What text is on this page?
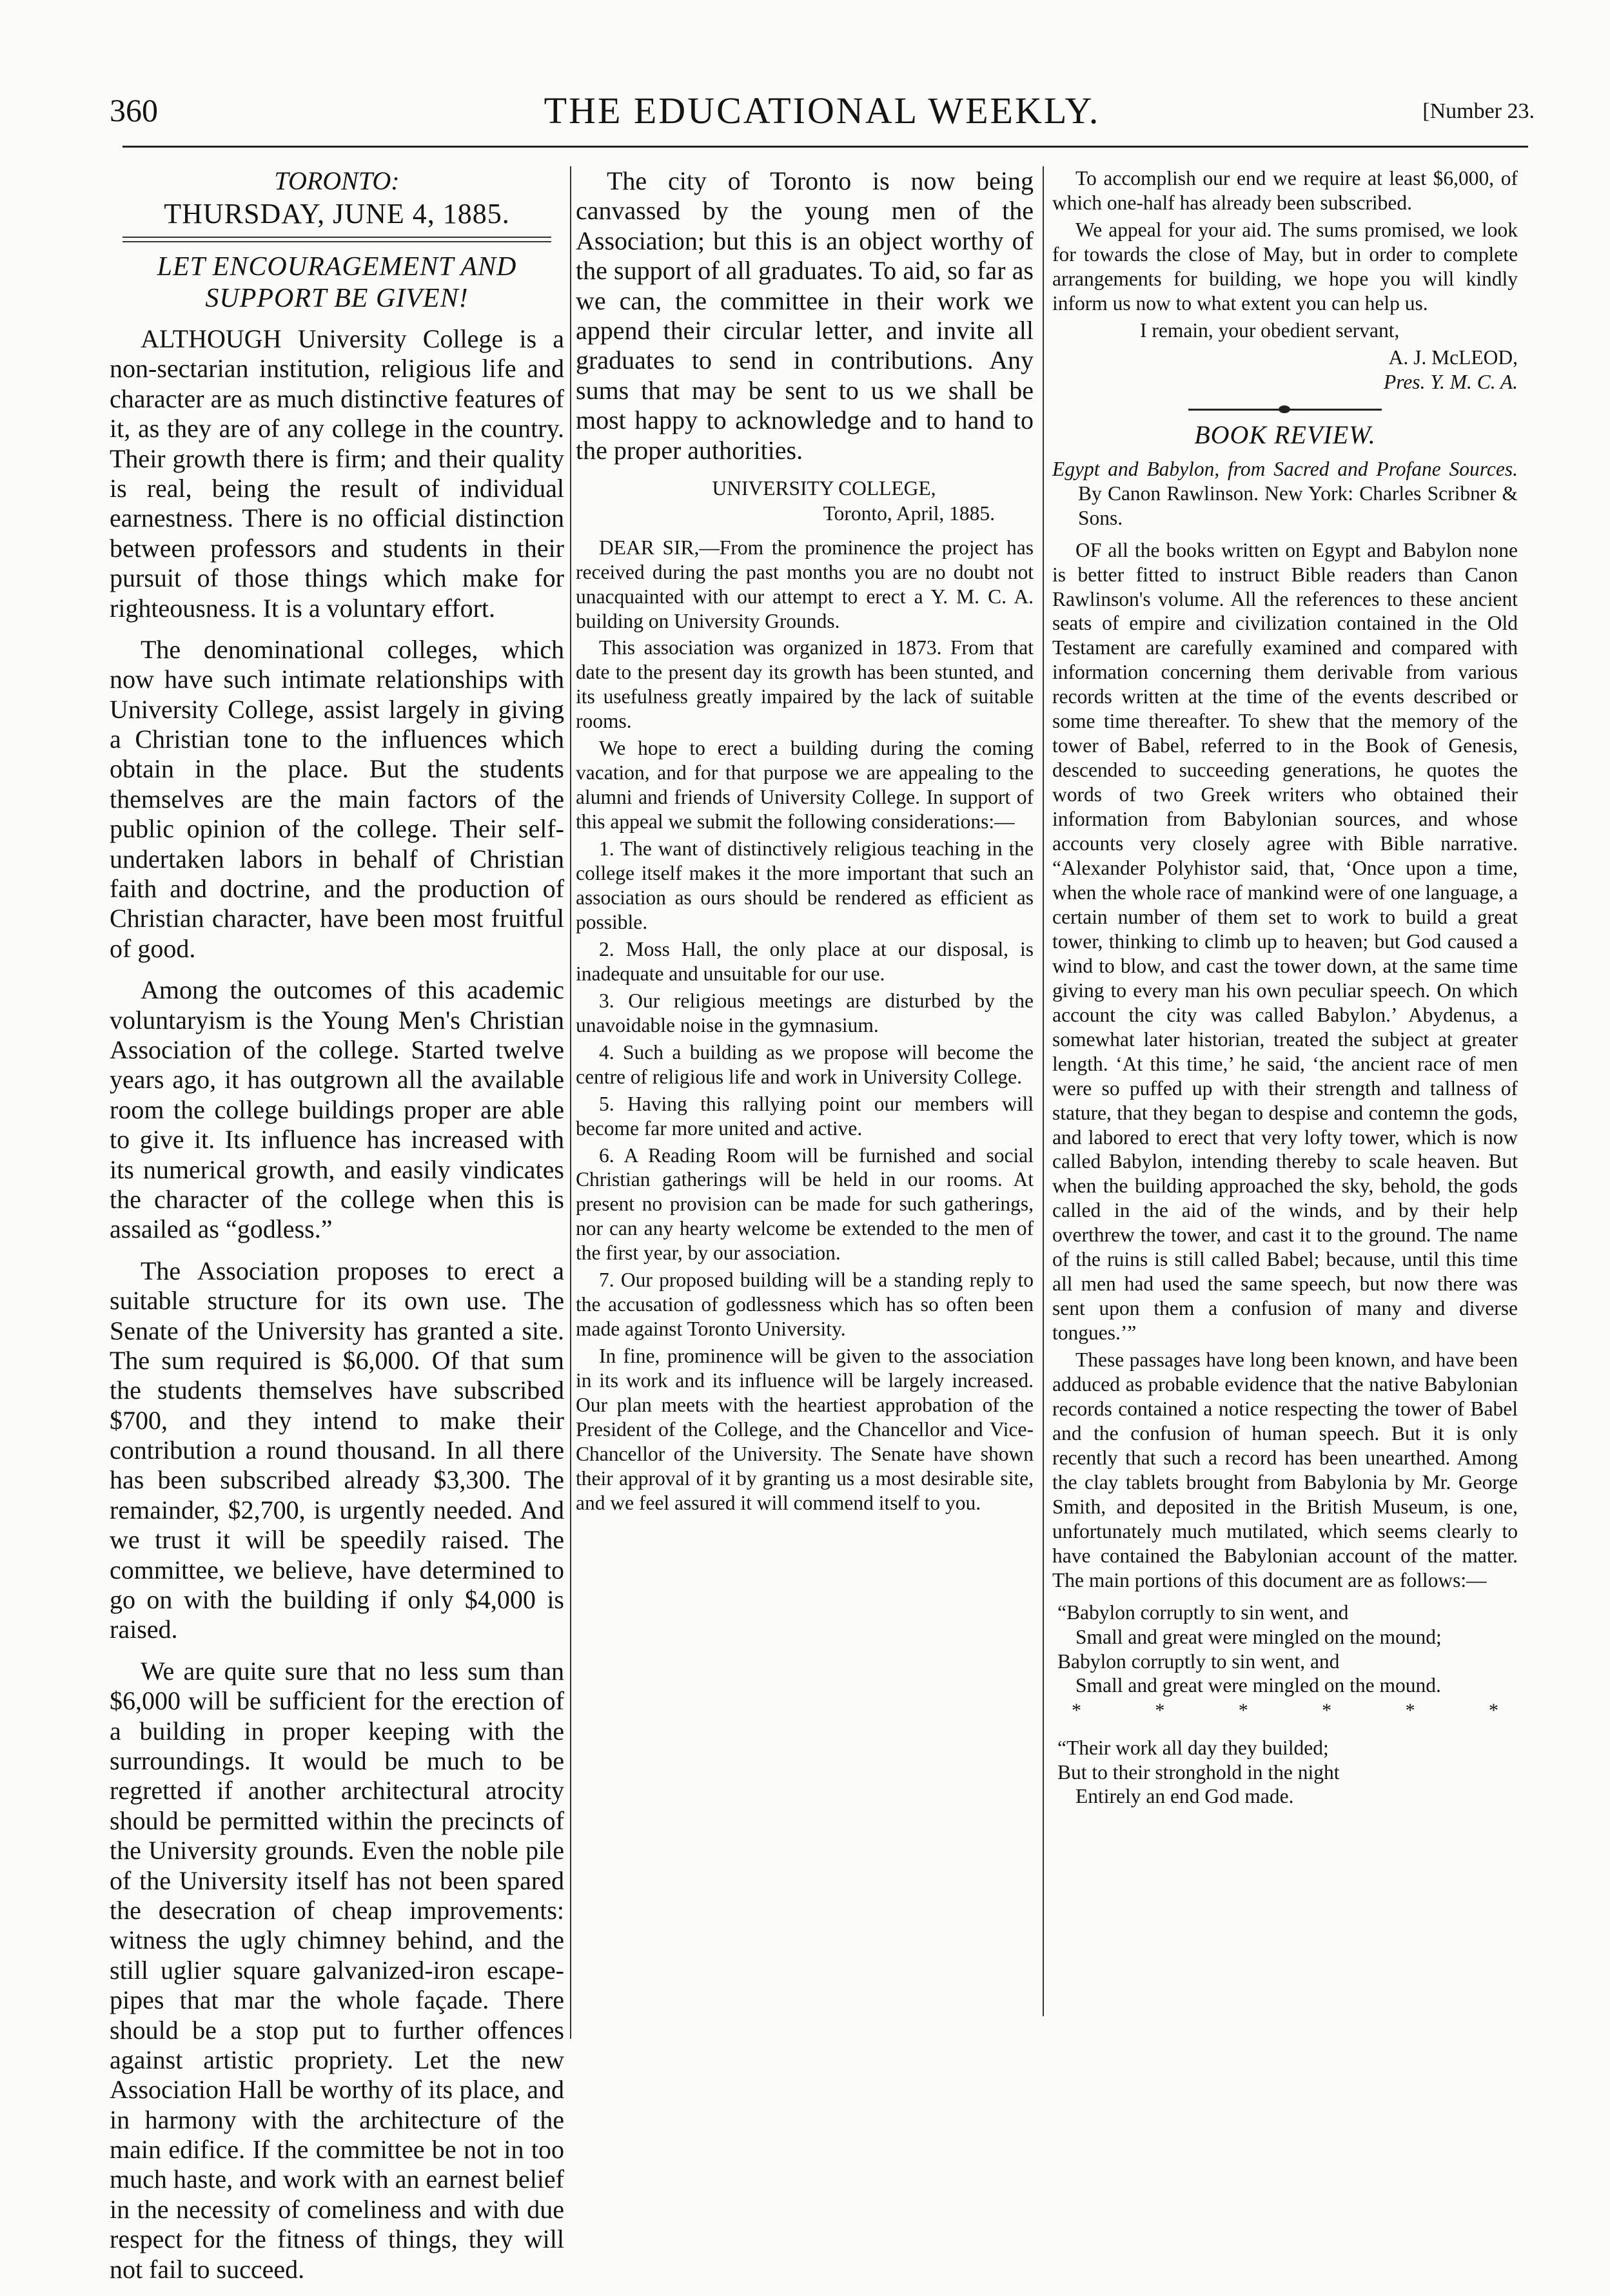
360	THE EDUCATIONAL WEEKLY.	[Number 23.
TORONTO:
THURSDAY, JUNE 4, 1885.
LET ENCOURAGEMENT AND
SUPPORT BE GIVEN!

ALTHOUGH University College is a non-sectarian institution, religious life and character are as much distinctive features of it, as they are of any college in the country. Their growth there is firm; and their quality is real, being the result of individual earnestness. There is no official distinction between professors and students in their pursuit of those things which make for righteousness. It is a voluntary effort.

The denominational colleges, which now have such intimate relationships with University College, assist largely in giving a Christian tone to the influences which obtain in the place. But the students themselves are the main factors of the public opinion of the college. Their self-undertaken labors in behalf of Christian faith and doctrine, and the production of Christian character, have been most fruitful of good.

Among the outcomes of this academic voluntaryism is the Young Men's Christian Association of the college. Started twelve years ago, it has outgrown all the available room the college buildings proper are able to give it. Its influence has increased with its numerical growth, and easily vindicates the character of the college when this is assailed as “godless.”

The Association proposes to erect a suitable structure for its own use. The Senate of the University has granted a site. The sum required is $6,000. Of that sum the students themselves have subscribed $700, and they intend to make their contribution a round thousand. In all there has been subscribed already $3,300. The remainder, $2,700, is urgently needed. And we trust it will be speedily raised. The committee, we believe, have determined to go on with the building if only $4,000 is raised.

We are quite sure that no less sum than $6,000 will be sufficient for the erection of a building in proper keeping with the surroundings. It would be much to be regretted if another architectural atrocity should be permitted within the precincts of the University grounds. Even the noble pile of the University itself has not been spared the desecration of cheap improvements: witness the ugly chimney behind, and the still uglier square galvanized-iron escape-pipes that mar the whole façade. There should be a stop put to further offences against artistic propriety. Let the new Association Hall be worthy of its place, and in harmony with the architecture of the main edifice. If the committee be not in too much haste, and work with an earnest belief in the necessity of comeliness and with due respect for the fitness of things, they will not fail to succeed.

The city of Toronto is now being canvassed by the young men of the Association; but this is an object worthy of the support of all graduates. To aid, so far as we can, the committee in their work we append their circular letter, and invite all graduates to send in contributions. Any sums that may be sent to us we shall be most happy to acknowledge and to hand to the proper authorities.

UNIVERSITY COLLEGE,
Toronto, April, 1885.

DEAR SIR,—From the prominence the project has received during the past months you are no doubt not unacquainted with our attempt to erect a Y. M. C. A. building on University Grounds.

This association was organized in 1873. From that date to the present day its growth has been stunted, and its usefulness greatly impaired by the lack of suitable rooms.

We hope to erect a building during the coming vacation, and for that purpose we are appealing to the alumni and friends of University College. In support of this appeal we submit the following considerations:—

1. The want of distinctively religious teaching in the college itself makes it the more important that such an association as ours should be rendered as efficient as possible.

2. Moss Hall, the only place at our disposal, is inadequate and unsuitable for our use.

3. Our religious meetings are disturbed by the unavoidable noise in the gymnasium.

4. Such a building as we propose will become the centre of religious life and work in University College.

5. Having this rallying point our members will become far more united and active.

6. A Reading Room will be furnished and social Christian gatherings will be held in our rooms. At present no provision can be made for such gatherings, nor can any hearty welcome be extended to the men of the first year, by our association.

7. Our proposed building will be a standing reply to the accusation of godlessness which has so often been made against Toronto University.

In fine, prominence will be given to the association in its work and its influence will be largely increased. Our plan meets with the heartiest approbation of the President of the College, and the Chancellor and Vice-Chancellor of the University. The Senate have shown their approval of it by granting us a most desirable site, and we feel assured it will commend itself to you.

To accomplish our end we require at least $6,000, of which one-half has already been subscribed.

We appeal for your aid. The sums promised, we look for towards the close of May, but in order to complete arrangements for building, we hope you will kindly inform us now to what extent you can help us.

I remain, your obedient servant,

A. J. McLEOD,
Pres. Y. M. C. A.
BOOK REVIEW.
Egypt and Babylon, from Sacred and Profane Sources. By Canon Rawlinson. New York: Charles Scribner & Sons.

OF all the books written on Egypt and Babylon none is better fitted to instruct Bible readers than Canon Rawlinson's volume. All the references to these ancient seats of empire and civilization contained in the Old Testament are carefully examined and compared with information concerning them derivable from various records written at the time of the events described or some time thereafter. To shew that the memory of the tower of Babel, referred to in the Book of Genesis, descended to succeeding generations, he quotes the words of two Greek writers who obtained their information from Babylonian sources, and whose accounts very closely agree with Bible narrative. “Alexander Polyhistor said, that, ‘Once upon a time, when the whole race of mankind were of one language, a certain number of them set to work to build a great tower, thinking to climb up to heaven; but God caused a wind to blow, and cast the tower down, at the same time giving to every man his own peculiar speech. On which account the city was called Babylon.’ Abydenus, a somewhat later historian, treated the subject at greater length. ‘At this time,’ he said, ‘the ancient race of men were so puffed up with their strength and tallness of stature, that they began to despise and contemn the gods, and labored to erect that very lofty tower, which is now called Babylon, intending thereby to scale heaven. But when the building approached the sky, behold, the gods called in the aid of the winds, and by their help overthrew the tower, and cast it to the ground. The name of the ruins is still called Babel; because, until this time all men had used the same speech, but now there was sent upon them a confusion of many and diverse tongues.’”

These passages have long been known, and have been adduced as probable evidence that the native Babylonian records contained a notice respecting the tower of Babel and the confusion of human speech. But it is only recently that such a record has been unearthed. Among the clay tablets brought from Babylonia by Mr. George Smith, and deposited in the British Museum, is one, unfortunately much mutilated, which seems clearly to have contained the Babylonian account of the matter. The main portions of this document are as follows:—

“Babylon corruptly to sin went, and
Small and great were mingled on the mound;
Babylon corruptly to sin went, and
Small and great were mingled on the mound.
*	*	*	*	*	*
“Their work all day they builded;
But to their stronghold in the night
Entirely an end God made.
